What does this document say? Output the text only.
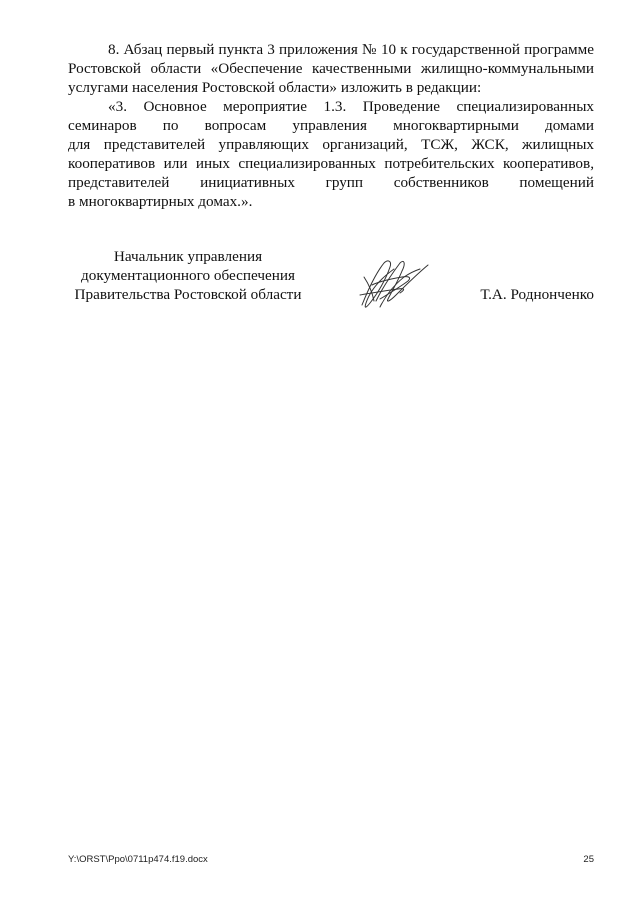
8. Абзац первый пункта 3 приложения № 10 к государственной программе
Ростовской области «Обеспечение качественными жилищно-коммунальными
услугами населения Ростовской области» изложить в редакции:

«3. Основное мероприятие 1.3. Проведение специализированных
семинаров по вопросам управления многоквартирными домами
для представителей управляющих организаций, ТСЖ, ЖСК, жилищных
кооперативов или иных специализированных потребительских кооперативов,
представителей инициативных групп собственников помещений
в многоквартирных домах.».

Начальник управления
документационного обеспечения
Правительства Ростовской области	Т.А. Роднонченко
Y:\ORST\Ppo\0711p474.f19.docx	25
